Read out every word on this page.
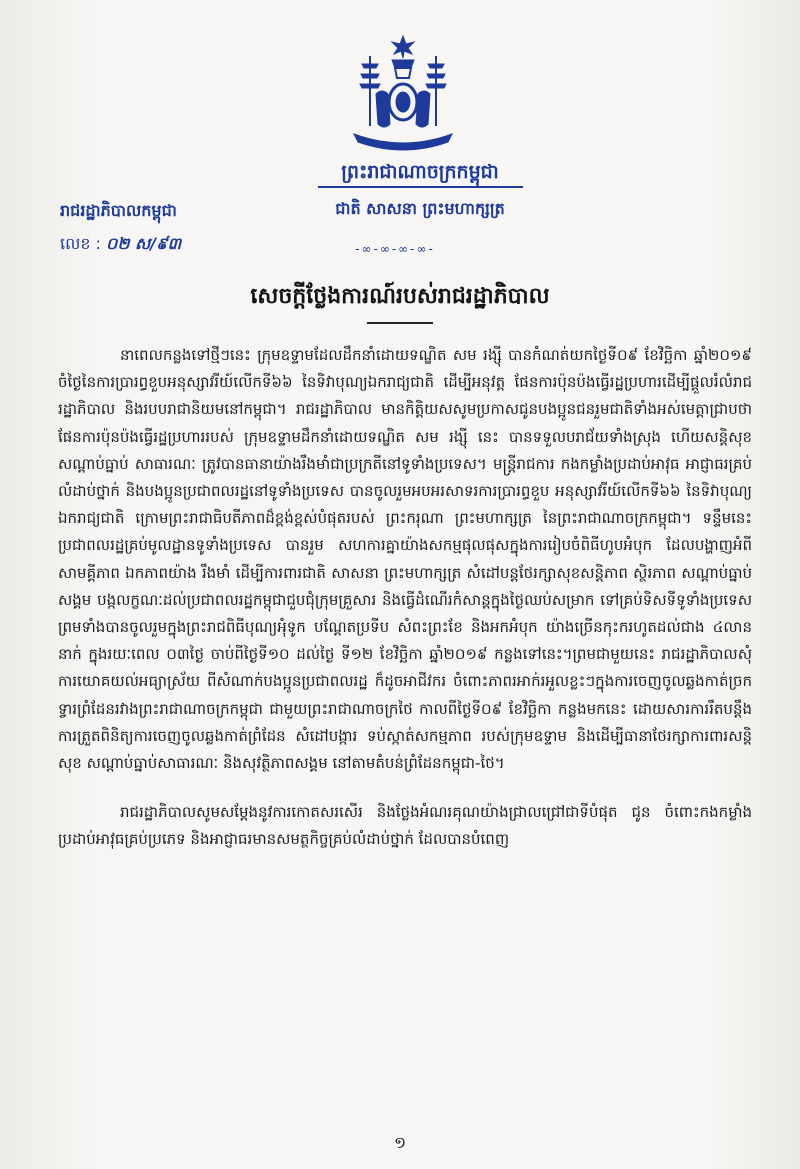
ព្រះរាជាណាចក្រកម្ពុជា
ជាតិ សាសនា ព្រះមហាក្សត្រ
រាជរដ្ឋាភិបាលកម្ពុជា
លេខ : ០២ ស/៩៣	-∞-∞-∞-∞-
សេចក្តីថ្លែងការណ៍របស់រាជរដ្ឋាភិបាល

នាពេលកន្លងទៅថ្មីៗនេះ ក្រុមឧទ្ទាមដែលដឹកនាំដោយទណ្ឌិត សម រង្ស៊ី បានកំណត់យកថ្ងៃទី០៩ ខែវិច្ឆិកា ឆ្នាំ២០១៩ ចំថ្ងៃនៃការប្រារព្ធខួបអនុស្សាវរីយ៍លើកទី៦៦ នៃទិវាបុណ្យឯករាជ្យជាតិ ដើម្បីអនុវត្ត ផែនការប៉ុនប៉ងធ្វើរដ្ឋប្រហារដើម្បីផ្តួលរំលំរាជរដ្ឋាភិបាល និងរបបរាជានិយមនៅកម្ពុជា។ រាជរដ្ឋាភិបាល មានកិត្តិយសសូមប្រកាសជូនបងប្អូនជនរួមជាតិទាំងអស់មេត្តាជ្រាបថា ផែនការប៉ុនប៉ងធ្វើរដ្ឋប្រហាររបស់ ក្រុមឧទ្ទាមដឹកនាំដោយទណ្ឌិត សម រង្ស៊ី នេះ បានទទួលបរាជ័យទាំងស្រុង ហើយសន្តិសុខ សណ្តាប់ធ្នាប់ សាធារណៈ ត្រូវបានធានាយ៉ាងរឹងមាំជាប្រក្រតីនៅទូទាំងប្រទេស។ មន្រ្តីរាជការ កងកម្លាំងប្រដាប់អាវុធ អាជ្ញាធរគ្រប់លំដាប់ថ្នាក់ និងបងប្អូនប្រជាពលរដ្ឋនៅទូទាំងប្រទេស បានចូលរួមអបអរសាទរការប្រារព្ធខួប អនុស្សាវរីយ៍លើកទី៦៦ នៃទិវាបុណ្យឯករាជ្យជាតិ ក្រោមព្រះរាជាធិបតីភាពដ៏ខ្ពង់ខ្ពស់បំផុតរបស់ ព្រះករុណា ព្រះមហាក្សត្រ នៃព្រះរាជាណាចក្រកម្ពុជា។ ទន្ទឹមនេះ ប្រជាពលរដ្ឋគ្រប់មូលដ្ឋានទូទាំងប្រទេស បានរួម សហការគ្នាយ៉ាងសកម្មផុលផុសក្នុងការរៀបចំពិធីហូបអំបុក ដែលបង្ហាញអំពីសាមគ្គីភាព ឯកភាពយ៉ាង រឹងមាំ ដើម្បីការពារជាតិ សាសនា ព្រះមហាក្សត្រ សំដៅបន្តថែរក្សាសុខសន្តិភាព ស្ថិរភាព សណ្តាប់ធ្នាប់ សង្គម បង្កលក្ខណៈដល់ប្រជាពលរដ្ឋកម្ពុជាជួបជុំក្រុមគ្រួសារ និងធ្វើដំណើរកំសាន្តក្នុងថ្ងៃឈប់សម្រាក ទៅគ្រប់ទិសទីទូទាំងប្រទេស ព្រមទាំងបានចូលរួមក្នុងព្រះរាជពិធីបុណ្យអុំទូក បណ្តែតប្រទីប សំពះព្រះខែ និងអកអំបុក យ៉ាងច្រើនកុះករហូតដល់ជាង ៤លាននាក់ ក្នុងរយៈពេល ០៣ថ្ងៃ ចាប់ពីថ្ងៃទី១០ ដល់ថ្ងៃ ទី១២ ខែវិច្ឆិកា ឆ្នាំ២០១៩ កន្លងទៅនេះ។ព្រមជាមួយនេះ រាជរដ្ឋាភិបាលសុំការយោគយល់អធ្យាស្រ័យ ពីសំណាក់បងប្អូនប្រជាពលរដ្ឋ ក៏ដូចអាជីវករ ចំពោះភាពរអាក់រអួលខ្លះៗក្នុងការចេញចូលឆ្លងកាត់ច្រក ទ្វារព្រំដែនរវាងព្រះរាជាណាចក្រកម្ពុជា ជាមួយព្រះរាជាណាចក្រថៃ កាលពីថ្ងៃទី០៩ ខែវិច្ឆិកា កន្លងមកនេះ ដោយសារការរឹតបន្តឹងការត្រួតពិនិត្យការចេញចូលឆ្លងកាត់ព្រំដែន សំដៅបង្ការ ទប់ស្កាត់សកម្មភាព របស់ក្រុមឧទ្ទាម និងដើម្បីធានាថែរក្សាការពារសន្តិសុខ សណ្តាប់ធ្នាប់សាធារណៈ និងសុវត្ថិភាពសង្គម នៅតាមតំបន់ព្រំដែនកម្ពុជា-ថៃ។

រាជរដ្ឋាភិបាលសូមសម្តែងនូវការកោតសរសើរ និងថ្លែងអំណរគុណយ៉ាងជ្រាលជ្រៅជាទីបំផុត ជូន ចំពោះកងកម្លាំងប្រដាប់អាវុធគ្រប់ប្រភេទ និងអាជ្ញាធរមានសមត្ថកិច្ចគ្រប់លំដាប់ថ្នាក់ ដែលបានបំពេញ

១
